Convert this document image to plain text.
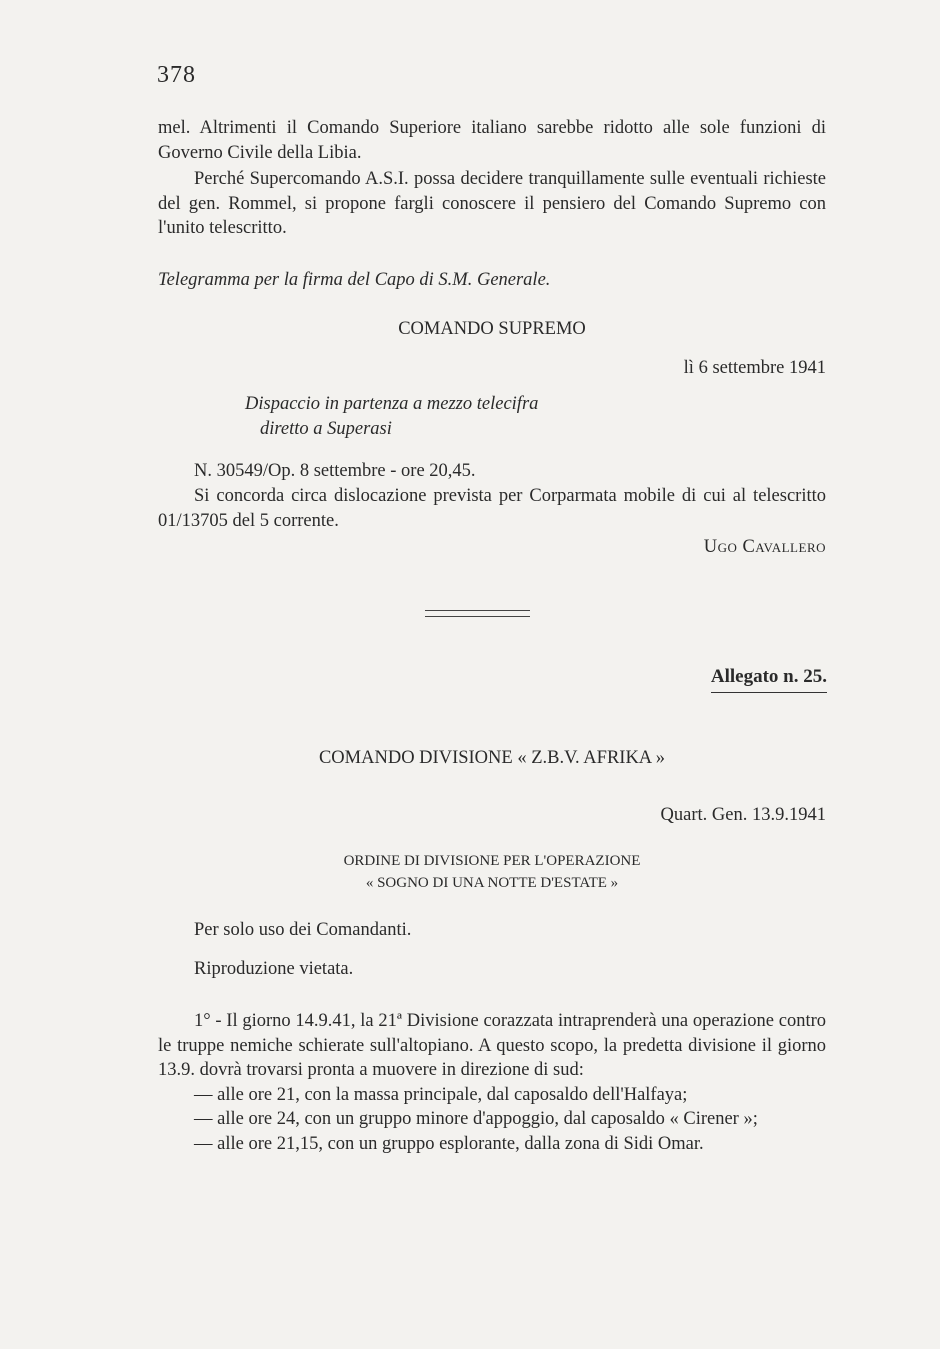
378

mel. Altrimenti il Comando Superiore italiano sarebbe ridotto alle sole funzioni di Governo Civile della Libia.

Perché Supercomando A.S.I. possa decidere tranquillamente sulle eventuali richieste del gen. Rommel, si propone fargli conoscere il pensiero del Comando Supremo con l'unito telescritto.

Telegramma per la firma del Capo di S.M. Generale.
COMANDO SUPREMO
lì 6 settembre 1941
Dispaccio in partenza a mezzo telecifra
diretto a Superasi
N. 30549/Op. 8 settembre - ore 20,45.
Si concorda circa dislocazione prevista per Corparmata mobile di cui al telescritto 01/13705 del 5 corrente.
Ugo Cavallero
Allegato n. 25.
COMANDO DIVISIONE « Z.B.V. AFRIKA »
Quart. Gen. 13.9.1941
ORDINE DI DIVISIONE PER L'OPERAZIONE
« SOGNO DI UNA NOTTE D'ESTATE »
Per solo uso dei Comandanti.
Riproduzione vietata.

1° - Il giorno 14.9.41, la 21ª Divisione corazzata intraprenderà una operazione contro le truppe nemiche schierate sull'altopiano. A questo scopo, la predetta divisione il giorno 13.9. dovrà trovarsi pronta a muovere in direzione di sud:

— alle ore 21, con la massa principale, dal caposaldo dell'Halfaya;

— alle ore 24, con un gruppo minore d'appoggio, dal caposaldo « Cirener »;

— alle ore 21,15, con un gruppo esplorante, dalla zona di Sidi Omar.
